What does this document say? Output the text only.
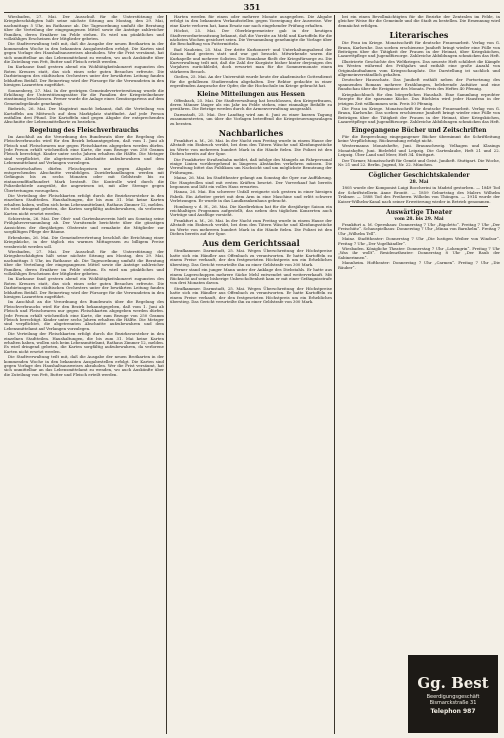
351

Wiesbaden, 27. Mai. Der Ausschuß für die Unterstützung der Kriegsbeschädigten hält seine nächste Sitzung am Montag, den 29. Mai, nachmittags 5 Uhr, im Rathause ab. Die Tagesordnung umfaßt die Beratung über die Verteilung der eingegangenen Mittel sowie die Anträge zahlreicher Familien, deren Ernährer im Felde stehen. Es wird um pünktliches und vollzähliges Erscheinen der Mitglieder gebeten.

Die Stadtverwaltung teilt mit, daß die Ausgabe der neuen Brotkarten in der kommenden Woche in den bekannten Ausgabestellen erfolgt. Die Karten sind gegen Vorlage des Haushaltsausweises abzuholen. Wer die Frist versäumt, hat sich unmittelbar an das Lebensmittelamt zu wenden, wo auch Auskünfte über die Zuteilung von Fett, Butter und Fleisch erteilt werden.

Im Kurhause fand gestern abend ein Wohltätigkeitskonzert zugunsten des Roten Kreuzes statt, das sich eines sehr guten Besuches erfreute. Die Darbietungen des städtischen Orchesters unter der bewährten Leitung fanden lebhaften Beifall. Der Reinertrag wird der Fürsorge für die Verwundeten in den hiesigen Lazaretten zugeführt.

Sonnenberg, 27. Mai. In der gestrigen Gemeindevertretersitzung wurde die Erhöhung der Unterstützungssätze für die Familien der Kriegsteilnehmer einstimmig beschlossen. Ferner wurde die Anlage eines Gemüsegartens auf dem Gemeindegelände genehmigt.

Biebrich, 26. Mai. Der Magistrat macht bekannt, daß die Verteilung von Kartoffeln am Mittwoch auf dem Marktplatz stattfindet. Auf jede Person entfallen drei Pfund. Die Kartoffeln sind gegen Abgabe der entsprechenden Abschnitte der Lebensmittelkarte zu beziehen.

Regelung des Fleischverbrauchs

Im Anschluß an die Verordnung des Bundesrats über die Regelung des Fleischverbrauchs wird für den Bezirk bekanntgegeben, daß vom 1. Juni ab Fleisch und Fleischwaren nur gegen Fleischkarten abgegeben werden dürfen. Jede Person erhält wöchentlich eine Karte, die zum Bezuge von 250 Gramm Fleisch berechtigt. Kinder unter sechs Jahren erhalten die Hälfte. Die Metzger sind verpflichtet, die abgetrennten Abschnitte aufzubewahren und dem Lebensmittelamt auf Verlangen vorzulegen.

Gastwirtschaften dürfen Fleischspeisen nur gegen Abgabe der entsprechenden Abschnitte verabfolgen. Zuwiderhandlungen werden mit Gefängnis bis zu sechs Monaten oder mit Geldstrafe bis zu eintausendfünfhundert Mark bestraft. Die Kontrolle wird durch die Polizeibehörde ausgeübt, die angewiesen ist, mit aller Strenge gegen Übertretungen vorzugehen.

Die Verteilung der Fleischkarten erfolgt durch die Bezirksvorsteher in den einzelnen Stadtteilen. Haushaltungen, die bis zum 31. Mai keine Karten erhalten haben, wollen sich beim Lebensmittelamt, Rathaus Zimmer 12, melden. Es wird dringend gebeten, die Karten sorgfältig aufzubewahren, da verlorene Karten nicht ersetzt werden.

Schierstein, 26. Mai. Der Obst- und Gartenbauverein hielt am Sonntag seine Frühjahrsversammlung ab. Der Vorsitzende berichtete über die günstigen Aussichten der diesjährigen Obsternte und ermahnte die Mitglieder zur sorgfältigen Pflege der Bäume.

Erbenheim, 26. Mai. Die Gemeindevertretung beschloß die Errichtung einer Kriegsküche, in der täglich ein warmes Mittagessen zu billigem Preise verabreicht werden soll.

Wiesbaden, 27. Mai. Der Ausschuß für die Unterstützung der Kriegsbeschädigten hält seine nächste Sitzung am Montag, den 29. Mai, nachmittags 5 Uhr, im Rathause ab. Die Tagesordnung umfaßt die Beratung über die Verteilung der eingegangenen Mittel sowie die Anträge zahlreicher Familien, deren Ernährer im Felde stehen. Es wird um pünktliches und vollzähliges Erscheinen der Mitglieder gebeten.

Im Kurhause fand gestern abend ein Wohltätigkeitskonzert zugunsten des Roten Kreuzes statt, das sich eines sehr guten Besuches erfreute. Die Darbietungen des städtischen Orchesters unter der bewährten Leitung fanden lebhaften Beifall. Der Reinertrag wird der Fürsorge für die Verwundeten in den hiesigen Lazaretten zugeführt.

Im Anschluß an die Verordnung des Bundesrats über die Regelung des Fleischverbrauchs wird für den Bezirk bekanntgegeben, daß vom 1. Juni ab Fleisch und Fleischwaren nur gegen Fleischkarten abgegeben werden dürfen. Jede Person erhält wöchentlich eine Karte, die zum Bezuge von 250 Gramm Fleisch berechtigt. Kinder unter sechs Jahren erhalten die Hälfte. Die Metzger sind verpflichtet, die abgetrennten Abschnitte aufzubewahren und dem Lebensmittelamt auf Verlangen vorzulegen.

Die Verteilung der Fleischkarten erfolgt durch die Bezirksvorsteher in den einzelnen Stadtteilen. Haushaltungen, die bis zum 31. Mai keine Karten erhalten haben, wollen sich beim Lebensmittelamt, Rathaus Zimmer 12, melden. Es wird dringend gebeten, die Karten sorgfältig aufzubewahren, da verlorene Karten nicht ersetzt werden.

Die Stadtverwaltung teilt mit, daß die Ausgabe der neuen Brotkarten in der kommenden Woche in den bekannten Ausgabestellen erfolgt. Die Karten sind gegen Vorlage des Haushaltsausweises abzuholen. Wer die Frist versäumt, hat sich unmittelbar an das Lebensmittelamt zu wenden, wo auch Auskünfte über die Zuteilung von Fett, Butter und Fleisch erteilt werden.

Harten werden für einen oder mehrere Monate ausgegeben. Die Abgabe erfolgt in den bekannten Verkaufsstellen gegen Vorzeigung der Ausweise. Wer eine Karte verloren hat, kann Ersatz nur nach eingehender Prüfung erhalten.

Höchst, 25. Mai. Der Oberbürgermeister gab in der heutigen Stadtverordnetensitzung bekannt, daß die Vorräte an Mehl und Kartoffeln für die nächsten Wochen gesichert seien. Die Versammlung genehmigte die Vorlage über die Beschaffung von Futtermitteln.

Bad Nauheim, 25. Mai. Der dritte Kurkonzert- und Unterhaltungsabend der Saison fand gestern statt und war gut besucht. Mitwirkende waren die Kurkapelle und mehrere Solisten. Die Einnahme fließt der Kriegsfürsorge zu. Die Kurverwaltung teilt mit, daß die Zahl der Kurgäste bisher hinter derjenigen des Vorjahres zurückbleibt, doch erwartet man für die Sommermonate einen stärkeren Besuch.

Gießen, 25. Mai. An der Universität wurde heute der akademische Gottesdienst für die gefallenen Studierenden abgehalten. Der Rektor gedachte in einer ergreifenden Ansprache der Opfer, die die Hochschule im Kriege gebracht hat.

Kleine Mitteilungen aus Hessen

Offenbach, 25. Mai. Die Stadtverwaltung hat beschlossen, den Kriegerfrauen, deren Männer länger als ein Jahr im Felde stehen, eine einmalige Beihilfe zu gewähren. Die Beträge werden durch die Armenverwaltung ausgezahlt.

Darmstadt, 25. Mai. Der Landtag wird am 6. Juni zu einer kurzen Tagung zusammentreten, um über die Vorlagen betreffend die Kriegsteuerungszulagen zu beraten.

Nachbarliches

Frankfurt a. M., 26. Mai. In der Nacht zum Freitag wurde in einem Hause der Altstadt ein Einbruch verübt, bei dem den Tätern Wäsche und Kleidungsstücke im Werte von mehreren hundert Mark in die Hände fielen. Die Polizei ist den Dieben bereits auf der Spur.

Die Frankfurter Straßenbahn meldet, daß infolge des Mangels an Fahrpersonal einige Linien vorübergehend in längeren Abständen verkehren müssen. Die Verwaltung bittet das Publikum um Nachsicht und um möglichste Benutzung der Frühwagen.

Mainz, 26. Mai. Im Stadttheater gelangt am Sonntag die Oper zur Aufführung. Die Hauptrollen sind mit ersten Kräften besetzt. Der Vorverkauf hat bereits begonnen und läßt ein volles Haus erwarten.

Hanau, 26. Mai. Ein schwerer Unfall ereignete sich gestern in einer hiesigen Fabrik. Ein Arbeiter geriet mit dem Arm in eine Maschine und erlitt schwere Verletzungen. Er wurde in das Landkrankenhaus gebracht.

Homburg v. d. H., 26. Mai. Die Kurdirektion hat für die diesjährige Saison ein reichhaltiges Programm aufgestellt, das neben den täglichen Konzerten auch Vorträge und Ausflüge vorsieht.

Frankfurt a. M., 26. Mai. In der Nacht zum Freitag wurde in einem Hause der Altstadt ein Einbruch verübt, bei dem den Tätern Wäsche und Kleidungsstücke im Werte von mehreren hundert Mark in die Hände fielen. Die Polizei ist den Dieben bereits auf der Spur.

Aus dem Gerichtssaal

Strafkammer. Darmstadt, 25. Mai. Wegen Überschreitung der Höchstpreise hatte sich ein Händler aus Offenbach zu verantworten. Er hatte Kartoffeln zu einem Preise verkauft, der den festgesetzten Höchstpreis um ein Erhebliches überstieg. Das Gericht verurteilte ihn zu einer Geldstrafe von 300 Mark.

Ferner stand ein junger Mann unter der Anklage des Diebstahls. Er hatte aus einem Lagerschuppen mehrere Säcke Mehl entwendet und weiterverkauft. Mit Rücksicht auf seine bisherige Unbescholtenheit kam er mit einer Gefängnisstrafe von drei Monaten davon.

Strafkammer. Darmstadt, 25. Mai. Wegen Überschreitung der Höchstpreise hatte sich ein Händler aus Offenbach zu verantworten. Er hatte Kartoffeln zu einem Preise verkauft, der den festgesetzten Höchstpreis um ein Erhebliches überstieg. Das Gericht verurteilte ihn zu einer Geldstrafe von 300 Mark.

bei ein einen Bevollmächtigten für die Bezirke der Zentralen im Felde, in gleicher Weise für die Gemeinde und die Stadt zu bestellen. Die Ernennung wird demnächst erfolgen.

Literarisches

Die Frau im Kriege. Monatsschrift für deutsche Frauenarbeit. Verlag von G. Braun, Karlsruhe. Das soeben erschienene Juniheft bringt wieder eine Fülle von Beiträgen über die Tätigkeit der Frauen in der Heimat, über Kriegsküchen, Lazarettpflege und Jugendfürsorge. Zahlreiche Abbildungen schmücken das Heft.

Illustrierte Geschichte des Weltkrieges. Das neueste Heft schildert die Kämpfe im Westen während des Frühjahrs und enthält eine große Anzahl von Originalaufnahmen vom Kriegsschauplatz. Die Darstellung ist sachlich und allgemeinverständlich gehalten.

Deutscher Hausschatz. Das Juniheft enthält neben der Fortsetzung des spannenden Romans mehrere Erzählungen, belehrende Aufsätze und eine Rundschau über die Ereignisse des Monats. Preis des Heftes 40 Pfennig.

Kriegskochbuch für den bürgerlichen Haushalt. Eine Sammlung erprobter Rezepte für die sparsame Küche. Das Büchlein wird jeder Hausfrau in der jetzigen Zeit willkommen sein. Preis 50 Pfennig.

Die Frau im Kriege. Monatsschrift für deutsche Frauenarbeit. Verlag von G. Braun, Karlsruhe. Das soeben erschienene Juniheft bringt wieder eine Fülle von Beiträgen über die Tätigkeit der Frauen in der Heimat, über Kriegsküchen, Lazarettpflege und Jugendfürsorge. Zahlreiche Abbildungen schmücken das Heft.

Eingegangene Bücher und Zeitschriften

Für die Besprechung eingegangener Bücher übernimmt die Schriftleitung keine Verpflichtung. Rücksendung erfolgt nicht.

Westermanns Monatshefte, Juni. Braunschweig. Velhagen und Klasings Monatshefte, Juni. Bielefeld und Leipzig. Die Gartenlaube, Heft 21 und 22. Leipzig. Über Land und Meer, Heft 34. Stuttgart.

Der Türmer, Monatsschrift für Gemüt und Geist. Juniheft. Stuttgart. Die Woche, Nr. 21 und 22. Berlin. Jugend, Nr. 22. München.

Cöglicher Geschichtskalender
28. Mai

1805 wurde der Komponist Luigi Boccherini in Madrid gestorben. — 1849 Tod der Schriftstellerin Anne Brontë. — 1859 Geburtstag des Malers Wilhelm Trübner. — 1888 Tod des Freiherrn Wilhelm von Thüngen. — 1914 wurde der Kaiser-Wilhelm-Kanal nach seiner Erweiterung wieder in Betrieb genommen.

Auswärtige Theater
vom 28. bis 29. Mai

Frankfurt a. M. Opernhaus: Donnerstag 7 Uhr „Rigoletto“. Freitag 7 Uhr „Der Freischütz“. Schauspielhaus: Donnerstag 7 Uhr „Minna von Barnhelm“. Freitag 7 Uhr „Wilhelm Tell“.

Mainz. Stadttheater: Donnerstag 7 Uhr „Die lustigen Weiber von Windsor“. Freitag 7 Uhr „Der Vogelhändler“.

Wiesbaden. Königliche Theater: Donnerstag 7 Uhr „Lohengrin“. Freitag 7 Uhr „Was ihr wollt“. Residenztheater: Donnerstag 8 Uhr „Der Raub der Sabinerinnen“.

Mannheim. Hoftheater: Donnerstag 7 Uhr „Carmen“. Freitag 7 Uhr „Die Räuber“.

Gg. Best
Beerdigungsgeschäft
Bismarckstraße 31
Telephon 987
